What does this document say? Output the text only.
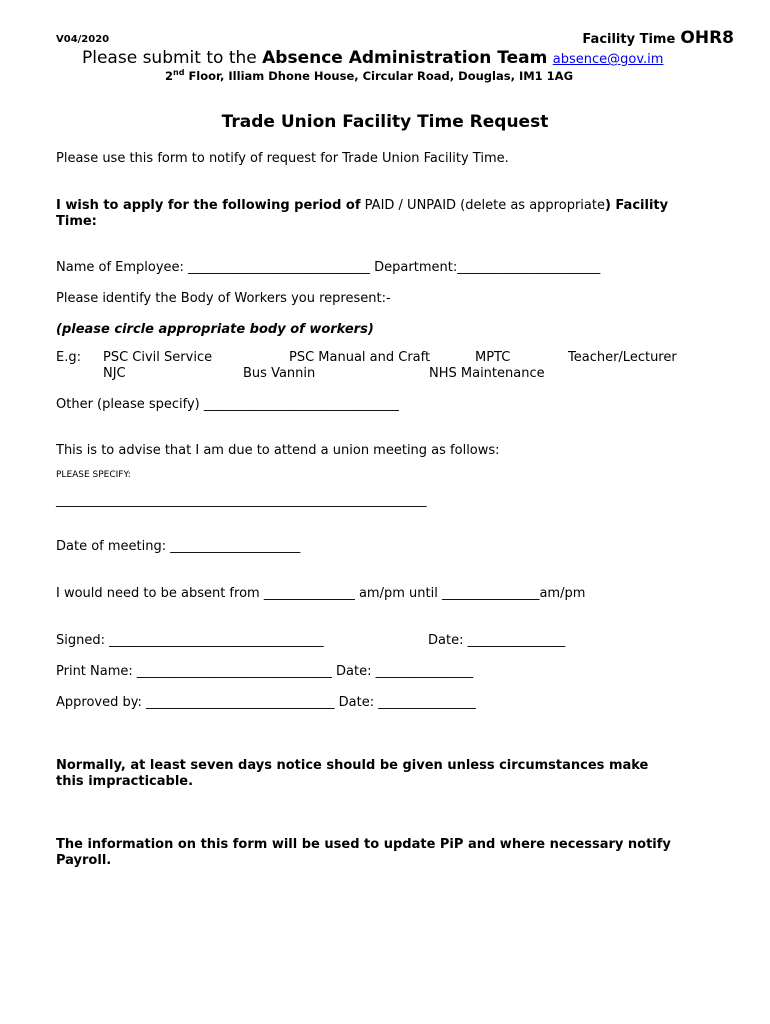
V04/2020	Facility Time OHR8
Please submit to the Absence Administration Team absence@gov.im
2nd Floor, Illiam Dhone House, Circular Road, Douglas, IM1 1AG
Trade Union Facility Time Request
Please use this form to notify of request for Trade Union Facility Time.
I wish to apply for the following period of PAID / UNPAID (delete as appropriate) Facility
Time:
Name of Employee: ____________________________ Department:______________________
Please identify the Body of Workers you represent:-
(please circle appropriate body of workers)
E.g: PSC Civil Service	PSC Manual and Craft	MPTC	Teacher/Lecturer
NJC	Bus Vannin	NHS Maintenance
Other (please specify) ______________________________
This is to advise that I am due to attend a union meeting as follows:
PLEASE SPECIFY:
_________________________________________________________
Date of meeting: ____________________
I would need to be absent from ______________ am/pm until _______________am/pm
Signed: _________________________________	Date: _______________
Print Name: ______________________________ Date: _______________
Approved by: _____________________________ Date: _______________
Normally, at least seven days notice should be given unless circumstances make
this impracticable.
The information on this form will be used to update PiP and where necessary notify
Payroll.
